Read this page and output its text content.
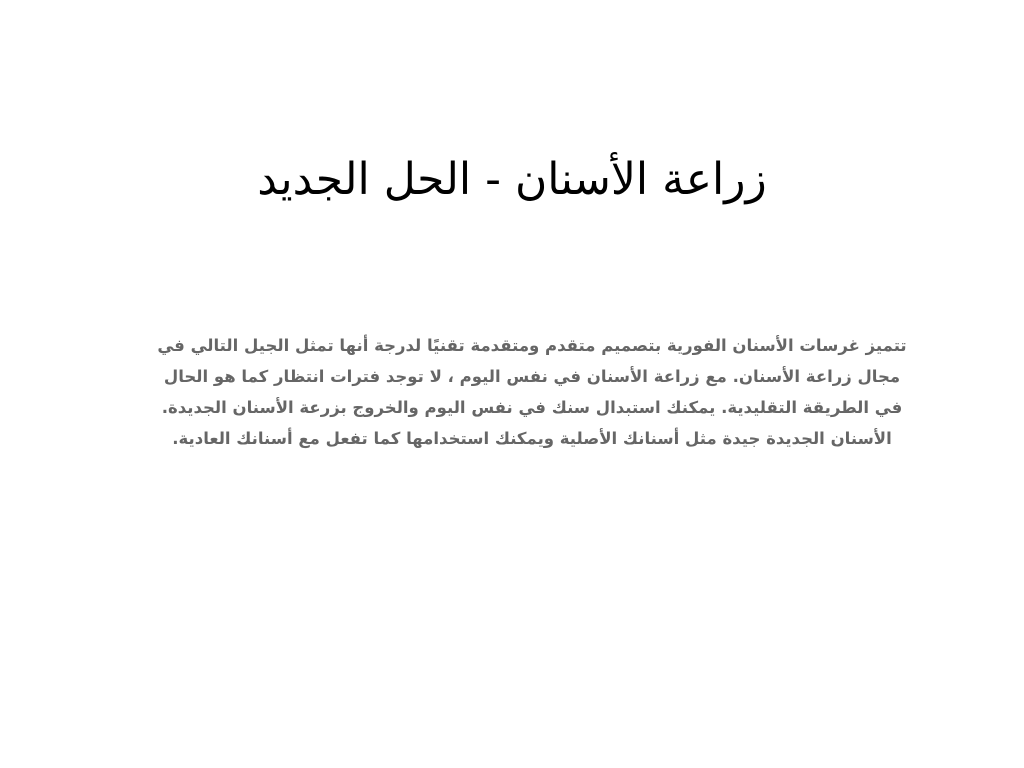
زراعة الأسنان - الحل الجديد
تتميز غرسات الأسنان الفورية بتصميم متقدم ومتقدمة تقنيًا لدرجة أنها تمثل الجيل التالي في
مجال زراعة الأسنان. مع زراعة الأسنان في نفس اليوم ، لا توجد فترات انتظار كما هو الحال
في الطريقة التقليدية. يمكنك استبدال سنك في نفس اليوم والخروج بزرعة الأسنان الجديدة.
الأسنان الجديدة جيدة مثل أسنانك الأصلية ويمكنك استخدامها كما تفعل مع أسنانك العادية.
